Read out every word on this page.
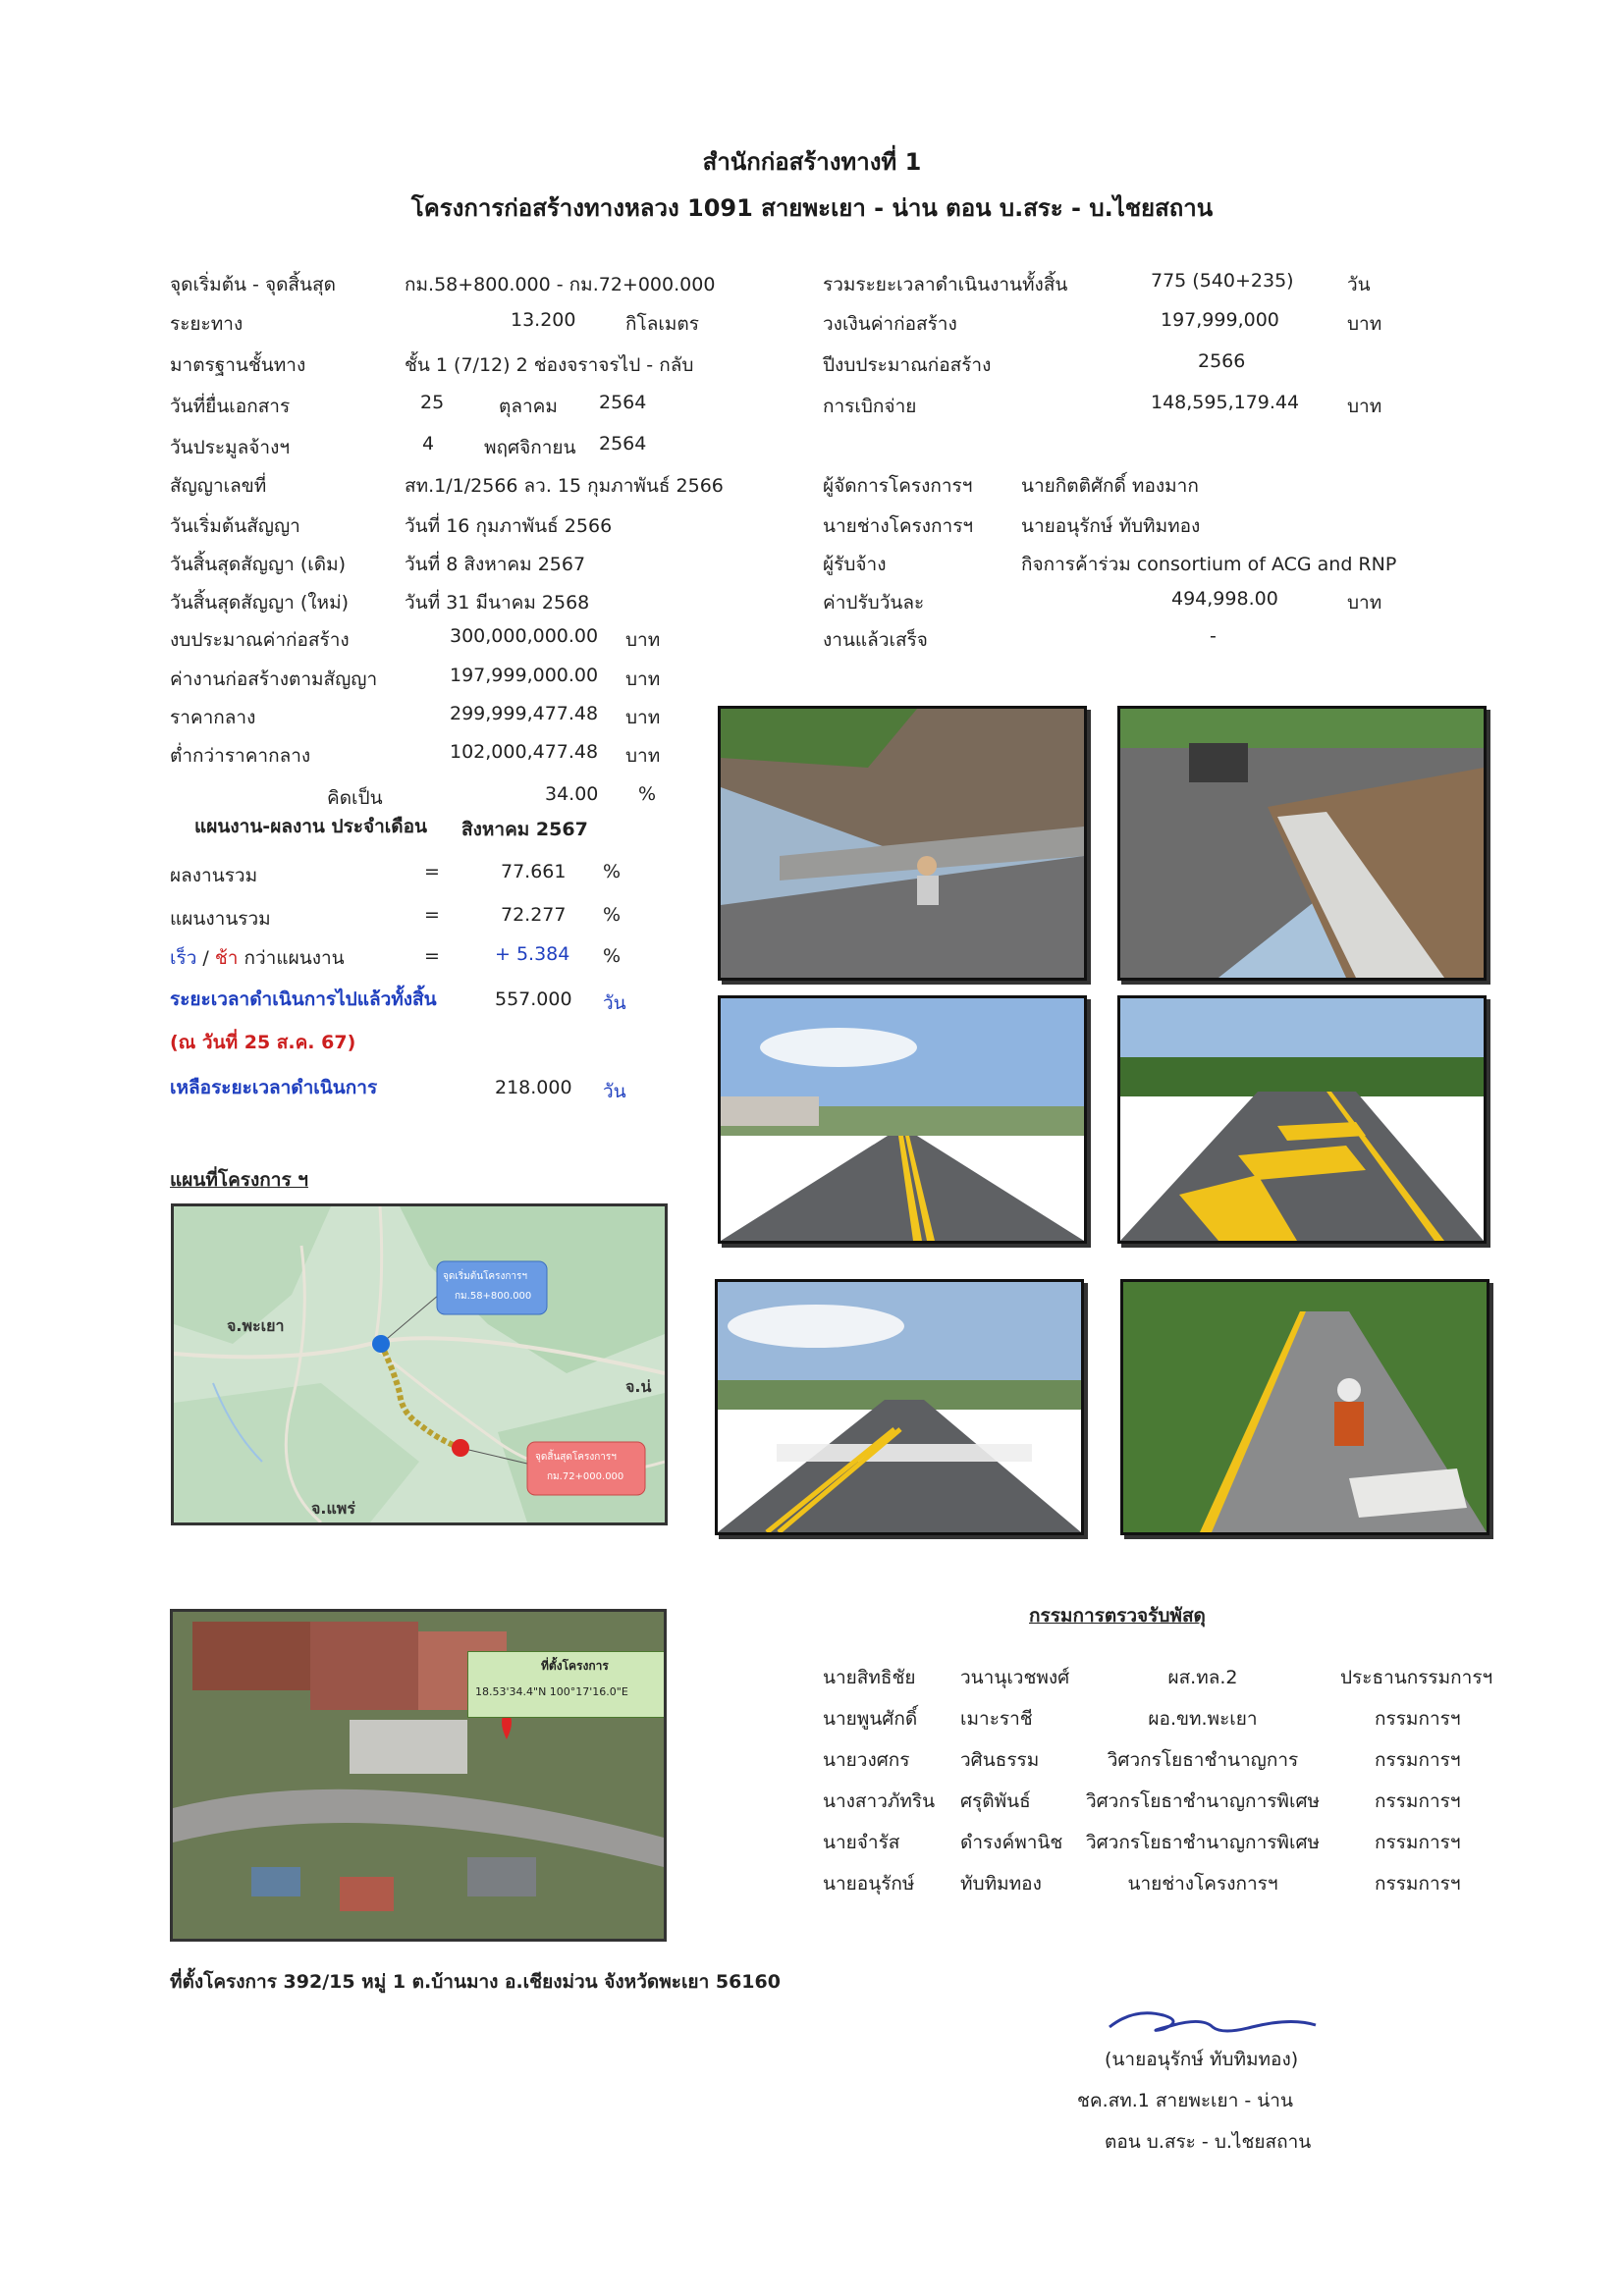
สำนักก่อสร้างทางที่ 1
โครงการก่อสร้างทางหลวง 1091 สายพะเยา - น่าน ตอน บ.สระ - บ.ไชยสถาน
จุดเริ่มต้น - จุดสิ้นสุด	กม.58+800.000 - กม.72+000.000
ระยะทาง	13.200	กิโลเมตร
มาตรฐานชั้นทาง	ชั้น 1 (7/12) 2 ช่องจราจรไป - กลับ
วันที่ยื่นเอกสาร	25	ตุลาคม 2564
วันประมูลจ้างฯ	4	พฤศจิกายน 2564
สัญญาเลขที่	สท.1/1/2566 ลว. 15 กุมภาพันธ์ 2566
วันเริ่มต้นสัญญา	วันที่ 16 กุมภาพันธ์ 2566
วันสิ้นสุดสัญญา (เดิม)	วันที่ 8 สิงหาคม 2567
วันสิ้นสุดสัญญา (ใหม่)	วันที่ 31 มีนาคม 2568
งบประมาณค่าก่อสร้าง	300,000,000.00 บาท
ค่างานก่อสร้างตามสัญญา	197,999,000.00 บาท
ราคากลาง	299,999,477.48 บาท
ต่ำกว่าราคากลาง	102,000,477.48 บาท
รวมระยะเวลาดำเนินงานทั้งสิ้น	775 (540+235)	วัน
วงเงินค่าก่อสร้าง	197,999,000	บาท
ปีงบประมาณก่อสร้าง	2566
การเบิกจ่าย	148,595,179.44	บาท
ผู้จัดการโครงการฯ	นายกิตติศักดิ์ ทองมาก
นายช่างโครงการฯ	นายอนุรักษ์ ทับทิมทอง
ผู้รับจ้าง	กิจการค้าร่วม consortium of ACG and RNP
ค่าปรับวันละ	494,998.00	บาท
งานแล้วเสร็จ	-
คิดเป็น	34.00 %
แผนงาน-ผลงาน ประจำเดือน สิงหาคม 2567
ผลงานรวม	=	77.661 %
แผนงานรวม	=	72.277 %
เร็ว / ช้า กว่าแผนงาน	=	+ 5.384 %
ระยะเวลาดำเนินการไปแล้วทั้งสิ้น	557.000 วัน
(ณ วันที่ 25 ส.ค. 67)
เหลือระยะเวลาดำเนินการ	218.000 วัน
แผนที่โครงการ ฯ
จุดเริ่มต้นโครงการฯ
กม.58+800.000
จุดสิ้นสุดโครงการฯ
กม.72+000.000
จ.พะเยา
จ.น่
จ.แพร่
ที่ตั้งโครงการ
18.53'34.4"N 100°17'16.0"E
ที่ตั้งโครงการ 392/15 หมู่ 1 ต.บ้านมาง อ.เชียงม่วน จังหวัดพะเยา 56160
กรรมการตรวจรับพัสดุ
นายสิทธิชัย วนานุเวชพงศ์	ผส.ทล.2	ประธานกรรมการฯ
นายพูนศักดิ์ เมาะราชี	ผอ.ขท.พะเยา	กรรมการฯ
นายวงศกร	วศินธรรม	วิศวกรโยธาชำนาญการ	กรรมการฯ
นางสาวภัทริน ศรุติพันธ์	วิศวกรโยธาชำนาญการพิเศษ	กรรมการฯ
นายจำรัส	ดำรงค์พานิช	วิศวกรโยธาชำนาญการพิเศษ	กรรมการฯ
นายอนุรักษ์ ทับทิมทอง	นายช่างโครงการฯ	กรรมการฯ
(นายอนุรักษ์ ทับทิมทอง)
ชค.สท.1 สายพะเยา - น่าน
ตอน บ.สระ - บ.ไชยสถาน
